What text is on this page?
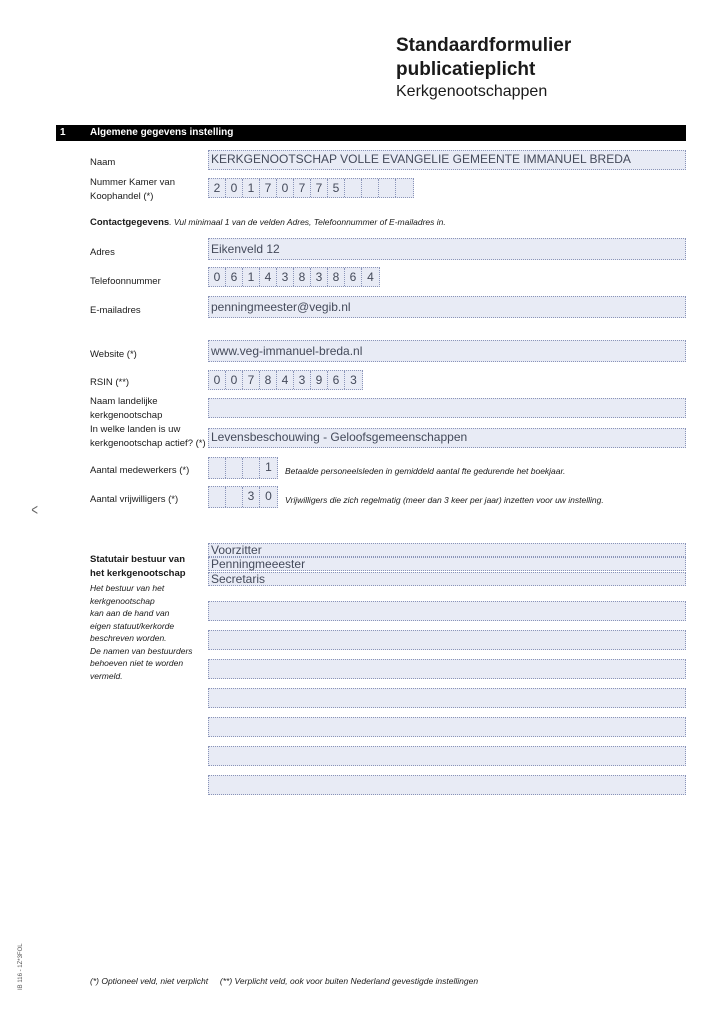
Standaardformulier
publicatieplicht
Kerkgenootschappen
1 Algemene gegevens instelling
Naam	KERKGENOOTSCHAP VOLLE EVANGELIE GEMEENTE IMMANUEL BREDA
Nummer Kamer van
Koophandel (*)
2 0 1 7 0 7 7 5
Contactgegevens. Vul minimaal 1 van de velden Adres, Telefoonnummer of E-mailadres in.
Adres	Eikenveld 12
Telefoonnummer	0 6 1 4 3 8 3 8 6 4
E-mailadres	penningmeester@vegib.nl
Website (*)	www.veg-immanuel-breda.nl
RSIN (**)	0 0 7 8 4 3 9 6 3
Naam landelijke
kerkgenootschap
In welke landen is uw
kerkgenootschap actief? (*) Levensbeschouwing - Geloofsgemeenschappen
Aantal medewerkers (*)	1	Betaalde personeelsleden in gemiddeld aantal fte gedurende het boekjaar.
Aantal vrijwilligers (*)	3 0	Vrijwilligers die zich regelmatig (meer dan 3 keer per jaar) inzetten voor uw instelling.
<
Statutair bestuur van
het kerkgenootschap
Het bestuur van het
kerkgenootschap
kan aan de hand van
eigen statuut/kerkorde
beschreven worden.
De namen van bestuurders
behoeven niet te worden
vermeld.
Voorzitter
Penningmeeester
Secretaris
IB 116 - 1Z*3FOL	(*) Optioneel veld, niet verplicht     (**) Verplicht veld, ook voor buiten Nederland gevestigde instellingen
